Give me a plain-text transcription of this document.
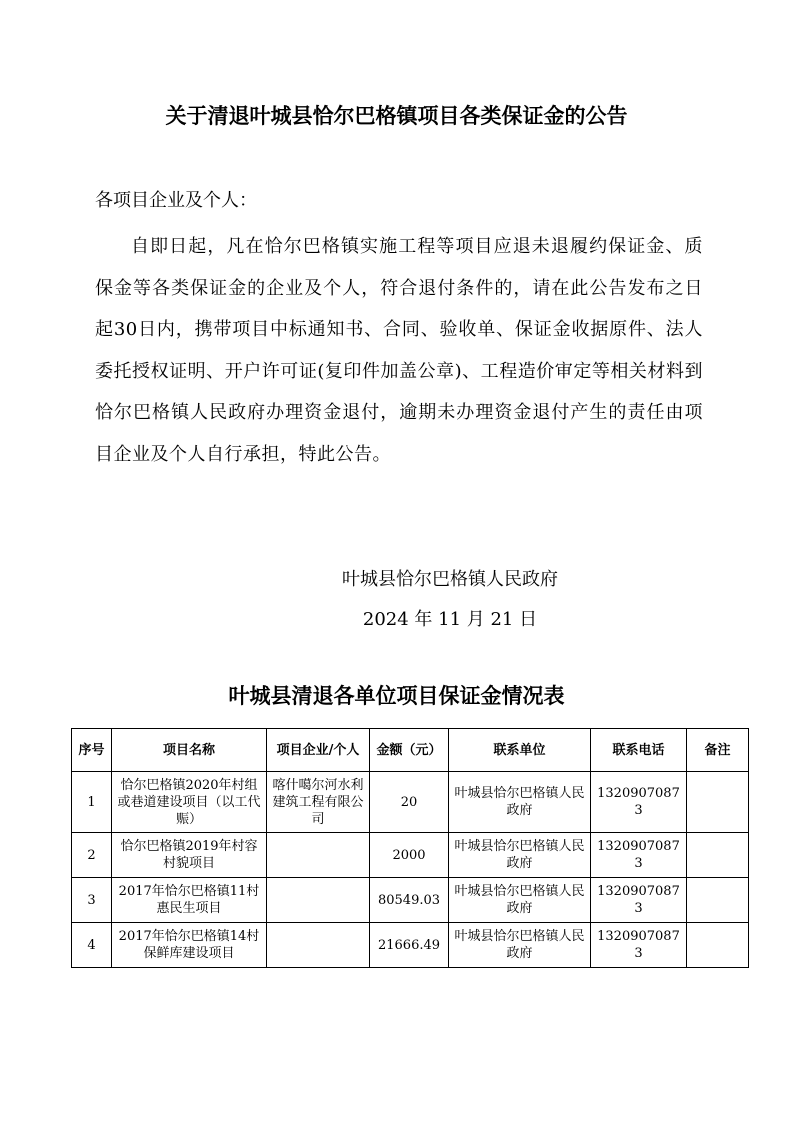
关于清退叶城县恰尔巴格镇项目各类保证金的公告
各项目企业及个人：
自即日起，凡在恰尔巴格镇实施工程等项目应退未退履约保证金、质保金等各类保证金的企业及个人，符合退付条件的，请在此公告发布之日起30日内，携带项目中标通知书、合同、验收单、保证金收据原件、法人委托授权证明、开户许可证(复印件加盖公章)、工程造价审定等相关材料到恰尔巴格镇人民政府办理资金退付，逾期未办理资金退付产生的责任由项目企业及个人自行承担，特此公告。
叶城县恰尔巴格镇人民政府
2024 年 11 月 21 日
叶城县清退各单位项目保证金情况表
序号	项目名称	项目企业/个人	金额（元）	联系单位	联系电话	备注
1	恰尔巴格镇2020年村组或巷道建设项目（以工代赈）	喀什噶尔河水利建筑工程有限公司	20	叶城县恰尔巴格镇人民政府	13209070873	
2	恰尔巴格镇2019年村容村貌项目		2000	叶城县恰尔巴格镇人民政府	13209070873	
3	2017年恰尔巴格镇11村惠民生项目		80549.03	叶城县恰尔巴格镇人民政府	13209070873	
4	2017年恰尔巴格镇14村保鲜库建设项目		21666.49	叶城县恰尔巴格镇人民政府	13209070873	
